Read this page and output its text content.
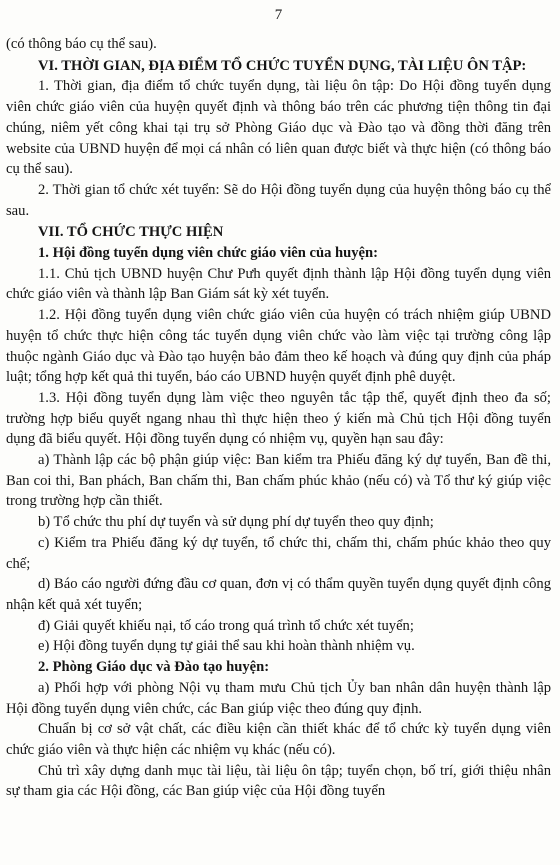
7

(có thông báo cụ thể sau).

VI. THỜI GIAN, ĐỊA ĐIỂM TỔ CHỨC TUYỂN DỤNG, TÀI LIỆU ÔN TẬP:

1. Thời gian, địa điểm tổ chức tuyển dụng, tài liệu ôn tập: Do Hội đồng tuyển dụng viên chức giáo viên của huyện quyết định và thông báo trên các phương tiện thông tin đại chúng, niêm yết công khai tại trụ sở Phòng Giáo dục và Đào tạo và đồng thời đăng trên website của UBND huyện để mọi cá nhân có liên quan được biết và thực hiện (có thông báo cụ thể sau).

2. Thời gian tổ chức xét tuyển: Sẽ do Hội đồng tuyển dụng của huyện thông báo cụ thể sau.

VII. TỔ CHỨC THỰC HIỆN

1. Hội đồng tuyển dụng viên chức giáo viên của huyện:

1.1. Chủ tịch UBND huyện Chư Pưh quyết định thành lập Hội đồng tuyển dụng viên chức giáo viên và thành lập Ban Giám sát kỳ xét tuyển.

1.2. Hội đồng tuyển dụng viên chức giáo viên của huyện có trách nhiệm giúp UBND huyện tổ chức thực hiện công tác tuyển dụng viên chức vào làm việc tại trường công lập thuộc ngành Giáo dục và Đào tạo huyện bảo đảm theo kế hoạch và đúng quy định của pháp luật; tổng hợp kết quả thi tuyển, báo cáo UBND huyện quyết định phê duyệt.

1.3. Hội đồng tuyển dụng làm việc theo nguyên tắc tập thể, quyết định theo đa số; trường hợp biểu quyết ngang nhau thì thực hiện theo ý kiến mà Chủ tịch Hội đồng tuyển dụng đã biểu quyết. Hội đồng tuyển dụng có nhiệm vụ, quyền hạn sau đây:

a) Thành lập các bộ phận giúp việc: Ban kiểm tra Phiếu đăng ký dự tuyển, Ban đề thi, Ban coi thi, Ban phách, Ban chấm thi, Ban chấm phúc khảo (nếu có) và Tổ thư ký giúp việc trong trường hợp cần thiết.

b) Tổ chức thu phí dự tuyển và sử dụng phí dự tuyển theo quy định;

c) Kiểm tra Phiếu đăng ký dự tuyển, tổ chức thi, chấm thi, chấm phúc khảo theo quy chế;

d) Báo cáo người đứng đầu cơ quan, đơn vị có thẩm quyền tuyển dụng quyết định công nhận kết quả xét tuyển;

đ) Giải quyết khiếu nại, tố cáo trong quá trình tổ chức xét tuyển;

e) Hội đồng tuyển dụng tự giải thể sau khi hoàn thành nhiệm vụ.

2. Phòng Giáo dục và Đào tạo huyện:

a) Phối hợp với phòng Nội vụ tham mưu Chủ tịch Ủy ban nhân dân huyện thành lập Hội đồng tuyển dụng viên chức, các Ban giúp việc theo đúng quy định.

Chuẩn bị cơ sở vật chất, các điều kiện cần thiết khác để tổ chức kỳ tuyển dụng viên chức giáo viên và thực hiện các nhiệm vụ khác (nếu có).

Chủ trì xây dựng danh mục tài liệu, tài liệu ôn tập; tuyển chọn, bố trí, giới thiệu nhân sự tham gia các Hội đồng, các Ban giúp việc của Hội đồng tuyển
